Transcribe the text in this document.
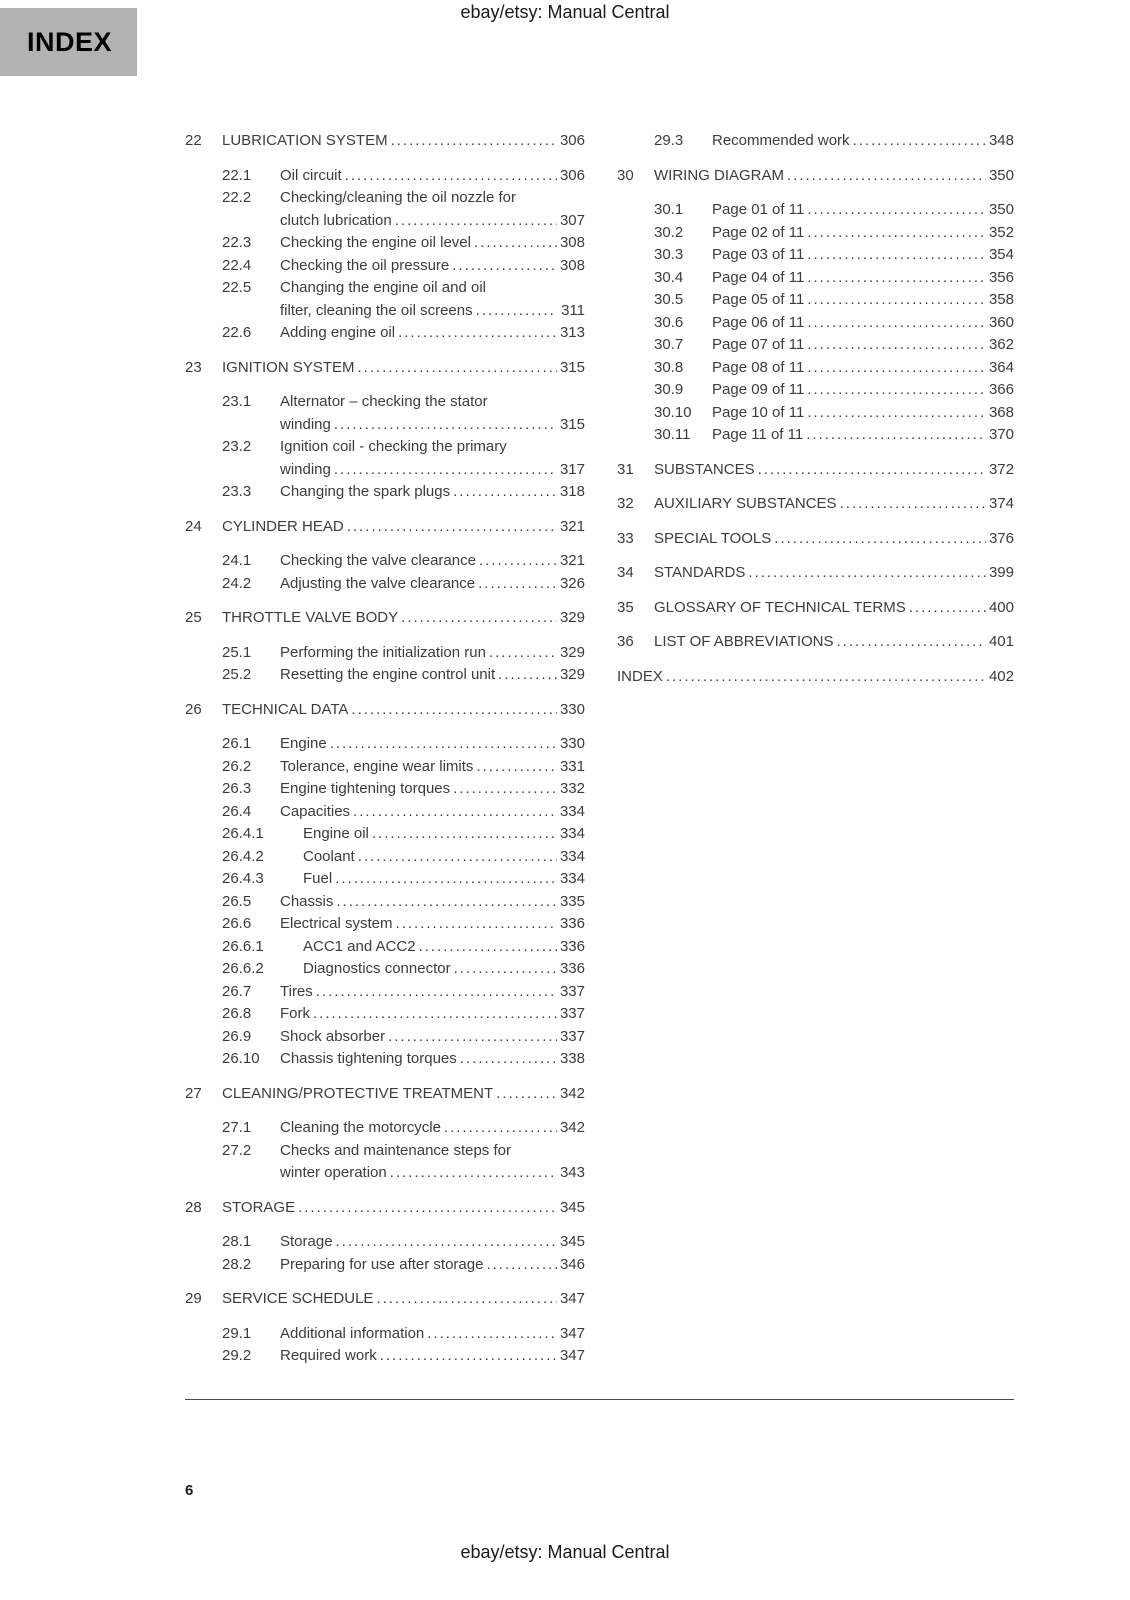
ebay/etsy: Manual Central
INDEX
22	LUBRICATION SYSTEM .....	306
22.1	Oil circuit .....	306
22.2	Checking/cleaning the oil nozzle for
clutch lubrication .....	307
22.3	Checking the engine oil level .....	308
22.4	Checking the oil pressure .....	308
22.5	Changing the engine oil and oil
filter, cleaning the oil screens .....	311
22.6	Adding engine oil .....	313
23	IGNITION SYSTEM .....	315
23.1	Alternator – checking the stator
winding .....	315
23.2	Ignition coil - checking the primary
winding .....	317
23.3	Changing the spark plugs .....	318
24	CYLINDER HEAD .....	321
24.1	Checking the valve clearance .....	321
24.2	Adjusting the valve clearance .....	326
25	THROTTLE VALVE BODY .....	329
25.1	Performing the initialization run .....	329
25.2	Resetting the engine control unit .....	329
26	TECHNICAL DATA .....	330
26.1	Engine .....	330
26.2	Tolerance, engine wear limits .....	331
26.3	Engine tightening torques .....	332
26.4	Capacities .....	334
26.4.1	Engine oil .....	334
26.4.2	Coolant .....	334
26.4.3	Fuel .....	334
26.5	Chassis .....	335
26.6	Electrical system .....	336
26.6.1	ACC1 and ACC2 .....	336
26.6.2	Diagnostics connector .....	336
26.7	Tires .....	337
26.8	Fork .....	337
26.9	Shock absorber .....	337
26.10	Chassis tightening torques .....	338
27	CLEANING/PROTECTIVE TREATMENT .....	342
27.1	Cleaning the motorcycle .....	342
27.2	Checks and maintenance steps for
winter operation .....	343
28	STORAGE .....	345
28.1	Storage .....	345
28.2	Preparing for use after storage .....	346
29	SERVICE SCHEDULE .....	347
29.1	Additional information .....	347
29.2	Required work .....	347
29.3	Recommended work .....	348
30	WIRING DIAGRAM .....	350
30.1	Page 01 of 11 .....	350
30.2	Page 02 of 11 .....	352
30.3	Page 03 of 11 .....	354
30.4	Page 04 of 11 .....	356
30.5	Page 05 of 11 .....	358
30.6	Page 06 of 11 .....	360
30.7	Page 07 of 11 .....	362
30.8	Page 08 of 11 .....	364
30.9	Page 09 of 11 .....	366
30.10	Page 10 of 11 .....	368
30.11	Page 11 of 11 .....	370
31	SUBSTANCES .....	372
32	AUXILIARY SUBSTANCES .....	374
33	SPECIAL TOOLS .....	376
34	STANDARDS .....	399
35	GLOSSARY OF TECHNICAL TERMS .....	400
36	LIST OF ABBREVIATIONS .....	401
INDEX .....	402
6
ebay/etsy: Manual Central
